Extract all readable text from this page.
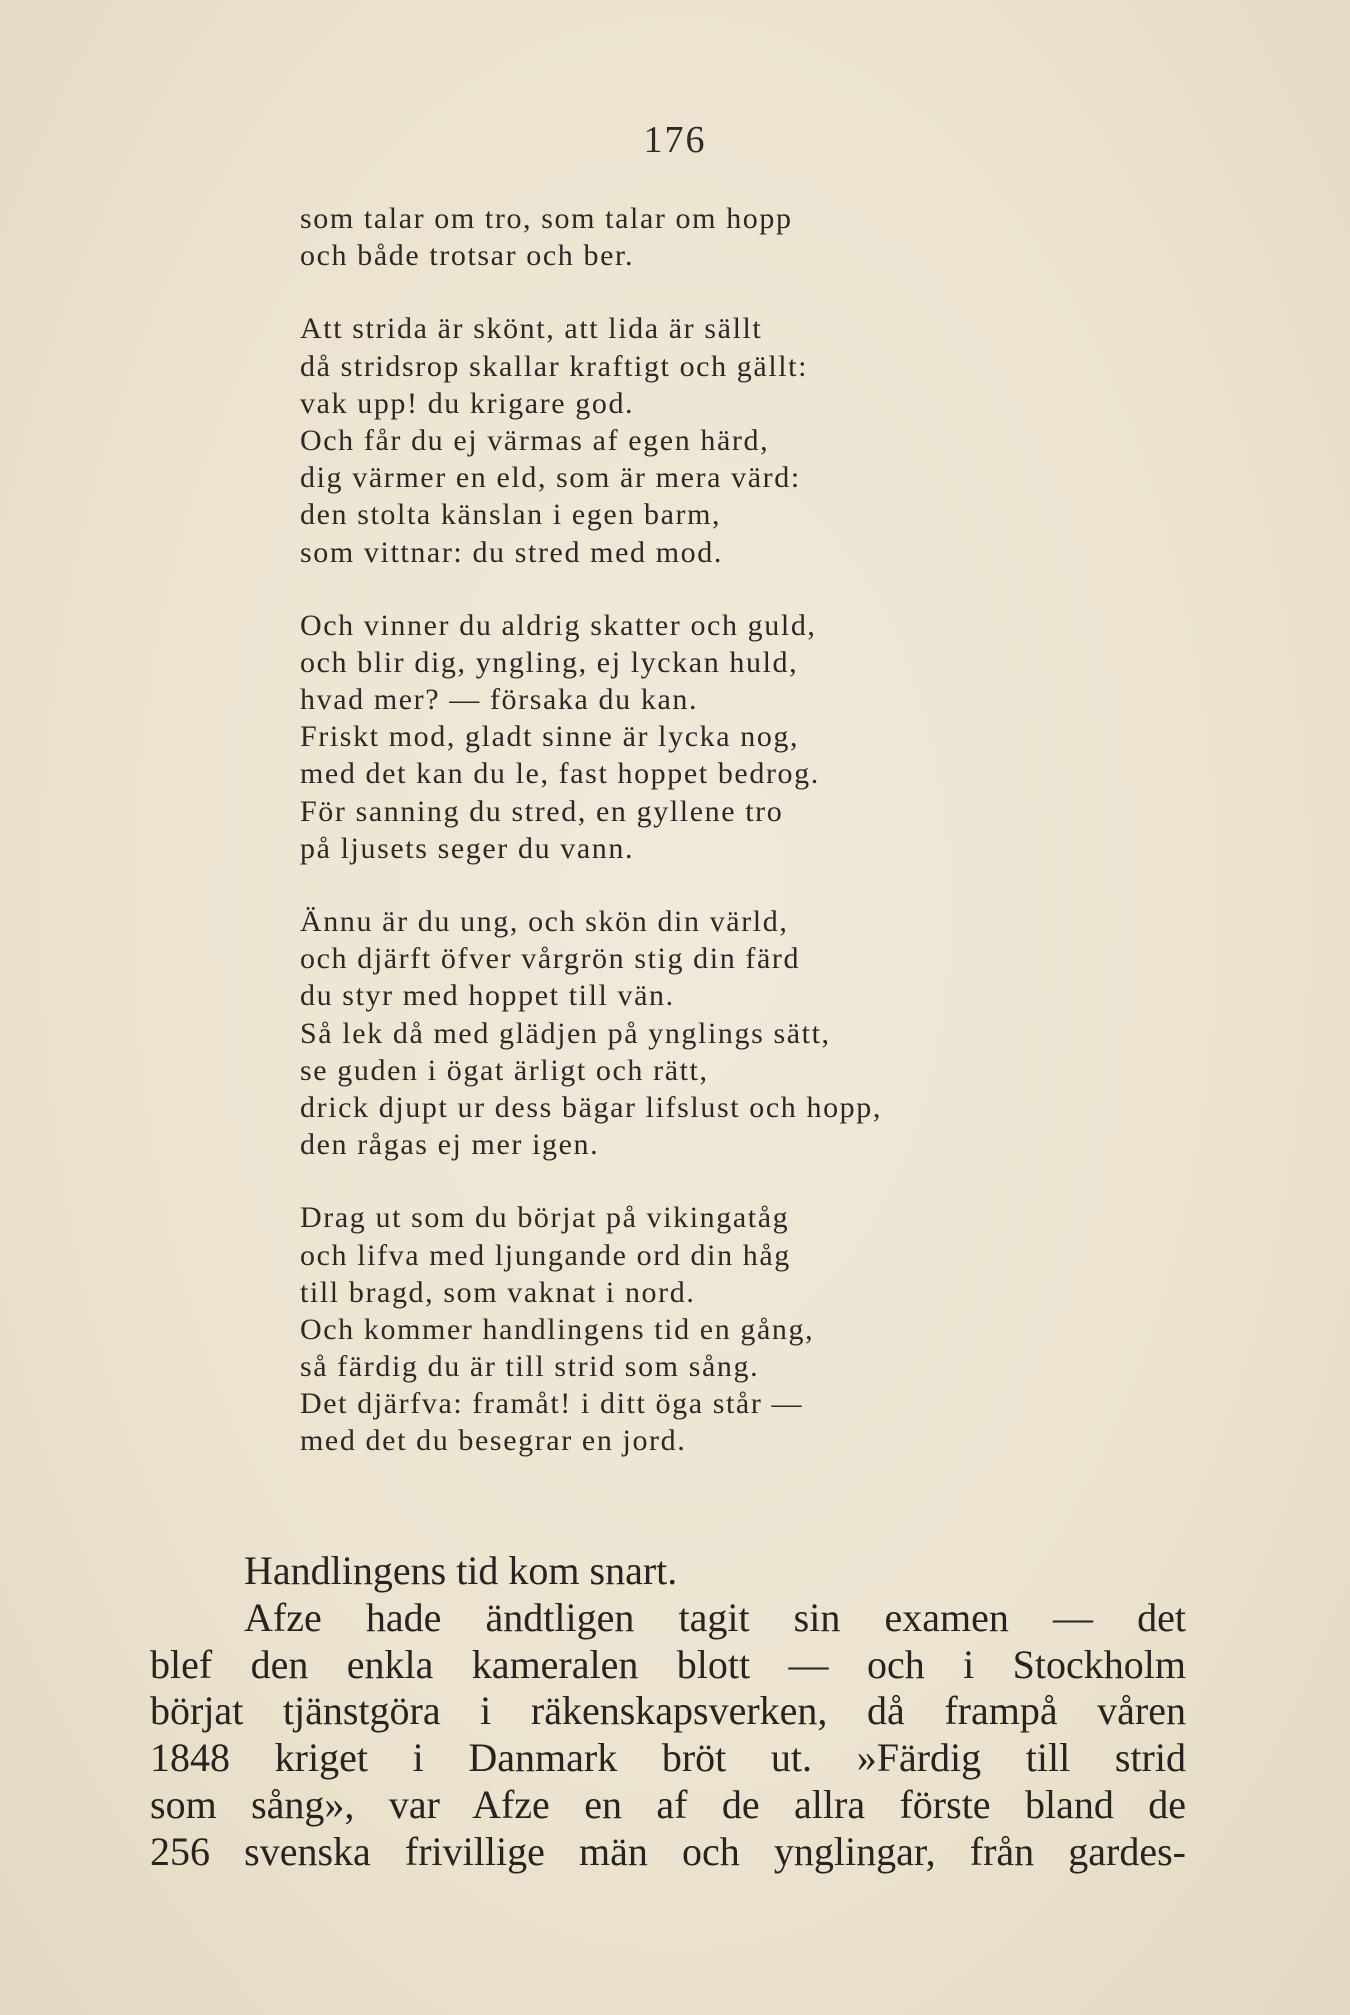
176
som talar om tro, som talar om hopp
och både trotsar och ber.
Att strida är skönt, att lida är sällt
då stridsrop skallar kraftigt och gällt:
vak upp! du krigare god.
Och får du ej värmas af egen härd,
dig värmer en eld, som är mera värd:
den stolta känslan i egen barm,
som vittnar: du stred med mod.
Och vinner du aldrig skatter och guld,
och blir dig, yngling, ej lyckan huld,
hvad mer? — försaka du kan.
Friskt mod, gladt sinne är lycka nog,
med det kan du le, fast hoppet bedrog.
För sanning du stred, en gyllene tro
på ljusets seger du vann.
Ännu är du ung, och skön din värld,
och djärft öfver vårgrön stig din färd
du styr med hoppet till vän.
Så lek då med glädjen på ynglings sätt,
se guden i ögat ärligt och rätt,
drick djupt ur dess bägar lifslust och hopp,
den rågas ej mer igen.
Drag ut som du börjat på vikingatåg
och lifva med ljungande ord din håg
till bragd, som vaknat i nord.
Och kommer handlingens tid en gång,
så färdig du är till strid som sång.
Det djärfva: framåt! i ditt öga står —
med det du besegrar en jord.
Handlingens tid kom snart.
Afze hade ändtligen tagit sin examen — det
blef den enkla kameralen blott — och i Stockholm
börjat tjänstgöra i räkenskapsverken, då frampå våren
1848 kriget i Danmark bröt ut. »Färdig till strid
som sång», var Afze en af de allra förste bland de
256 svenska frivillige män och ynglingar, från gardes-
